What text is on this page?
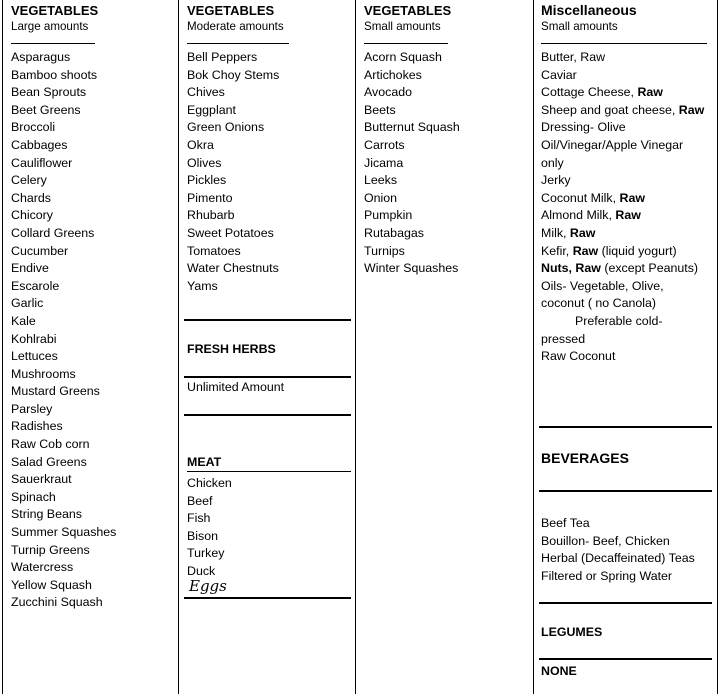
VEGETABLES
Large amounts
Asparagus
Bamboo shoots
Bean Sprouts
Beet Greens
Broccoli
Cabbages
Cauliflower
Celery
Chards
Chicory
Collard Greens
Cucumber
Endive
Escarole
Garlic
Kale
Kohlrabi
Lettuces
Mushrooms
Mustard Greens
Parsley
Radishes
Raw Cob corn
Salad Greens
Sauerkraut
Spinach
String Beans
Summer Squashes
Turnip Greens
Watercress
Yellow Squash
Zucchini Squash
VEGETABLES
Moderate amounts
Bell Peppers
Bok Choy Stems
Chives
Eggplant
Green Onions
Okra
Olives
Pickles
Pimento
Rhubarb
Sweet Potatoes
Tomatoes
Water Chestnuts
Yams
FRESH HERBS
Unlimited Amount
MEAT
Chicken
Beef
Fish
Bison
Turkey
Duck
Eggs
VEGETABLES
Small amounts
Acorn Squash
Artichokes
Avocado
Beets
Butternut Squash
Carrots
Jicama
Leeks
Onion
Pumpkin
Rutabagas
Turnips
Winter Squashes
Miscellaneous
Small amounts
Butter, Raw
Caviar
Cottage Cheese, Raw
Sheep and goat cheese, Raw
Dressing- Olive
Oil/Vinegar/Apple Vinegar
only
Jerky
Coconut Milk, Raw
Almond Milk, Raw
Milk, Raw
Kefir, Raw (liquid yogurt)
Nuts, Raw (except Peanuts)
Oils- Vegetable, Olive,
coconut ( no Canola)
Preferable cold-
pressed
Raw Coconut
BEVERAGES
Beef Tea
Bouillon- Beef, Chicken
Herbal (Decaffeinated) Teas
Filtered or Spring Water
LEGUMES
NONE
